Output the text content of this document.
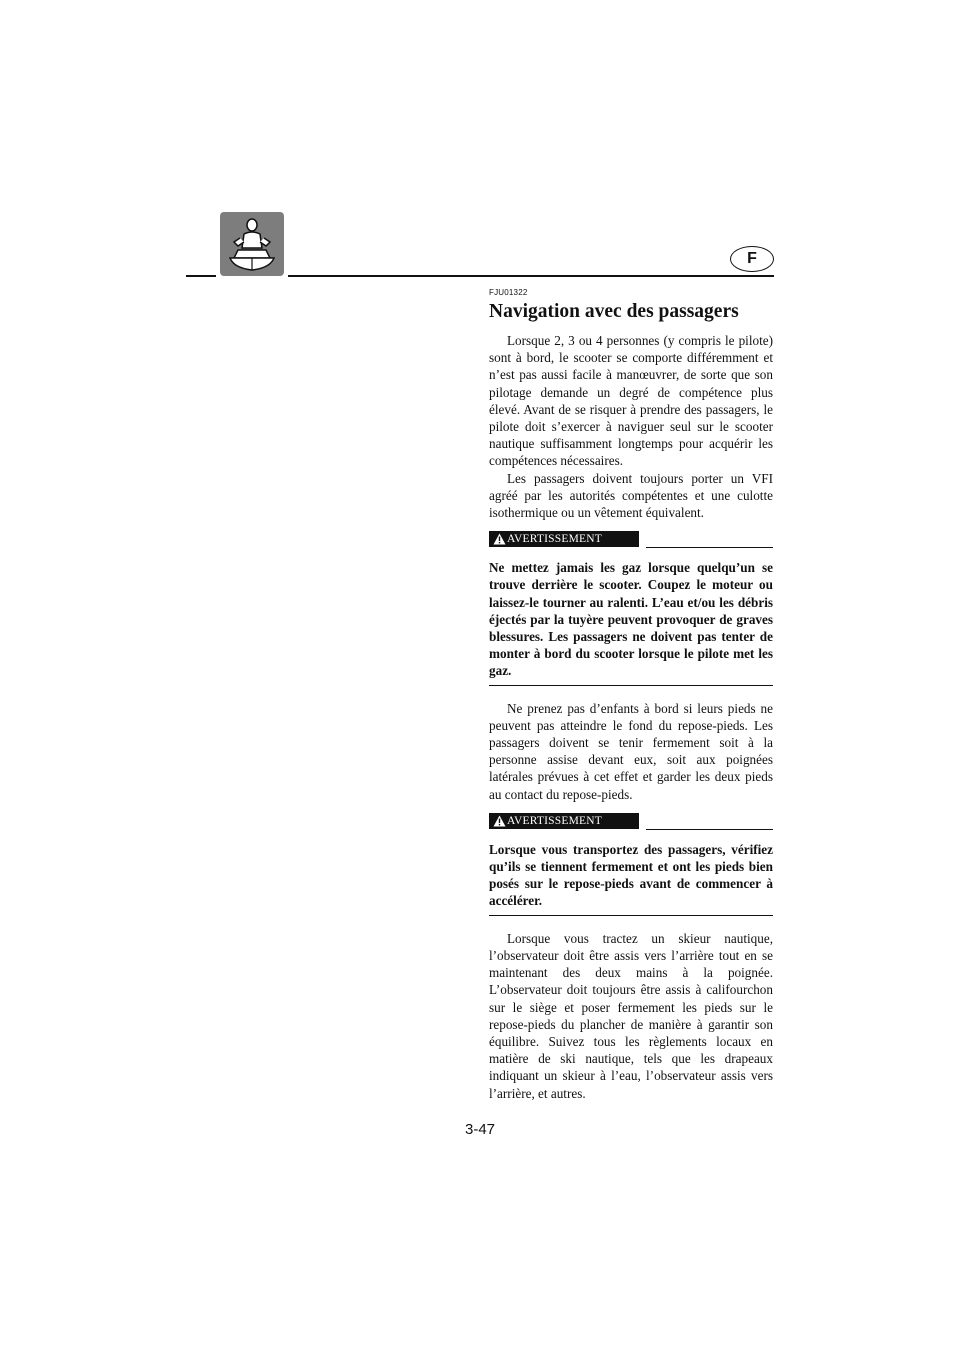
F
FJU01322
Navigation avec des passagers

Lorsque 2, 3 ou 4 personnes (y compris le pilote) sont à bord, le scooter se comporte différemment et n’est pas aussi facile à manœuvrer, de sorte que son pilotage demande un degré de compétence plus élevé. Avant de se risquer à prendre des passagers, le pilote doit s’exercer à naviguer seul sur le scooter nautique suffisamment longtemps pour acquérir les compétences nécessaires.

Les passagers doivent toujours porter un VFI agréé par les autorités compétentes et une culotte isothermique ou un vêtement équivalent.

AVERTISSEMENT

Ne mettez jamais les gaz lorsque quelqu’un se trouve derrière le scooter. Coupez le moteur ou laissez-le tourner au ralenti. L’eau et/ou les débris éjectés par la tuyère peuvent provoquer de graves blessures. Les passagers ne doivent pas tenter de monter à bord du scooter lorsque le pilote met les gaz.

Ne prenez pas d’enfants à bord si leurs pieds ne peuvent pas atteindre le fond du repose-pieds. Les passagers doivent se tenir fermement soit à la personne assise devant eux, soit aux poignées latérales prévues à cet effet et garder les deux pieds au contact du repose-pieds.

AVERTISSEMENT

Lorsque vous transportez des passagers, vérifiez qu’ils se tiennent fermement et ont les pieds bien posés sur le repose-pieds avant de commencer à accélérer.

Lorsque vous tractez un skieur nautique, l’observateur doit être assis vers l’arrière tout en se maintenant des deux mains à la poignée. L’observateur doit toujours être assis à califourchon sur le siège et poser fermement les pieds sur le repose-pieds du plancher de manière à garantir son équilibre. Suivez tous les règlements locaux en matière de ski nautique, tels que les drapeaux indiquant un skieur à l’eau, l’observateur assis vers l’arrière, et autres.

3-47
